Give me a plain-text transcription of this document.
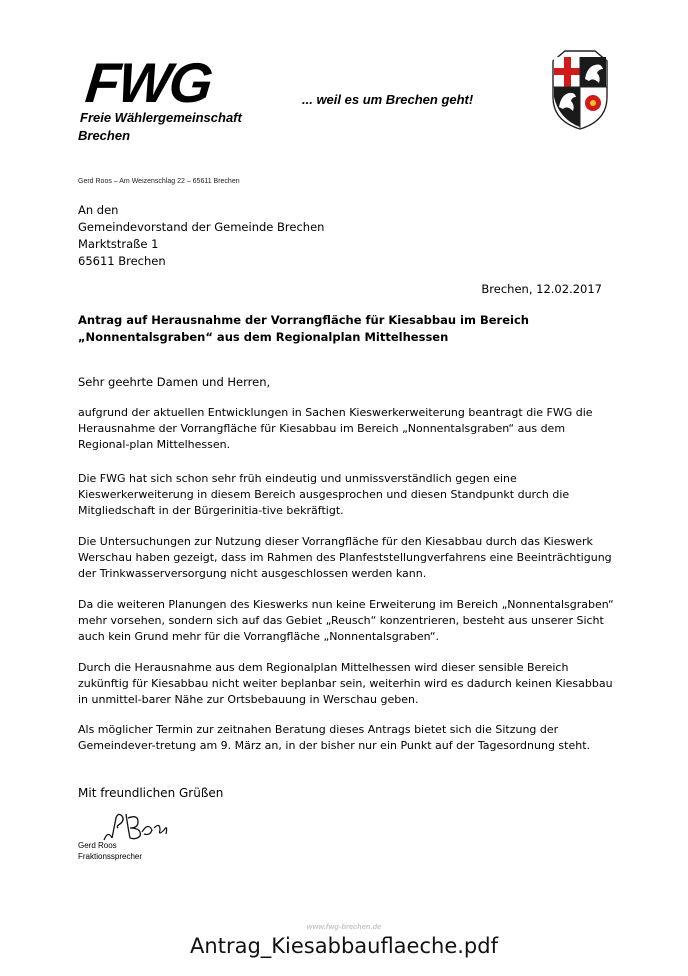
FWG
Freie Wählergemeinschaft
Brechen
... weil es um Brechen geht!
Gerd Roos – Am Weizenschlag 22 – 65611 Brechen
An den
Gemeindevorstand der Gemeinde Brechen
Marktstraße 1
65611 Brechen
Brechen, 12.02.2017
Antrag auf Herausnahme der Vorrangfläche für Kiesabbau im Bereich „Nonnentalsgraben“ aus dem Regionalplan Mittelhessen
Sehr geehrte Damen und Herren,
aufgrund der aktuellen Entwicklungen in Sachen Kieswerkerweiterung beantragt die FWG die Herausnahme der Vorrangfläche für Kiesabbau im Bereich „Nonnentalsgraben“ aus dem Regional-plan Mittelhessen.
Die FWG hat sich schon sehr früh eindeutig und unmissverständlich gegen eine Kieswerkerweiterung in diesem Bereich ausgesprochen und diesen Standpunkt durch die Mitgliedschaft in der Bürgerinitia-tive bekräftigt.
Die Untersuchungen zur Nutzung dieser Vorrangfläche für den Kiesabbau durch das Kieswerk Werschau haben gezeigt, dass im Rahmen des Planfeststellungverfahrens eine Beeinträchtigung der Trinkwasserversorgung nicht ausgeschlossen werden kann.
Da die weiteren Planungen des Kieswerks nun keine Erweiterung im Bereich „Nonnentalsgraben“ mehr vorsehen, sondern sich auf das Gebiet „Reusch“ konzentrieren, besteht aus unserer Sicht auch kein Grund mehr für die Vorrangfläche „Nonnentalsgraben“.
Durch die Herausnahme aus dem Regionalplan Mittelhessen wird dieser sensible Bereich zukünftig für Kiesabbau nicht weiter beplanbar sein, weiterhin wird es dadurch keinen Kiesabbau in unmittel-barer Nähe zur Ortsbebauung in Werschau geben.
Als möglicher Termin zur zeitnahen Beratung dieses Antrags bietet sich die Sitzung der Gemeindever-tretung am 9. März an, in der bisher nur ein Punkt auf der Tagesordnung steht.
Mit freundlichen Grüßen
Gerd Roos
Fraktionssprecher
www.fwg-brechen.de
Antrag_Kiesabbauflaeche.pdf
